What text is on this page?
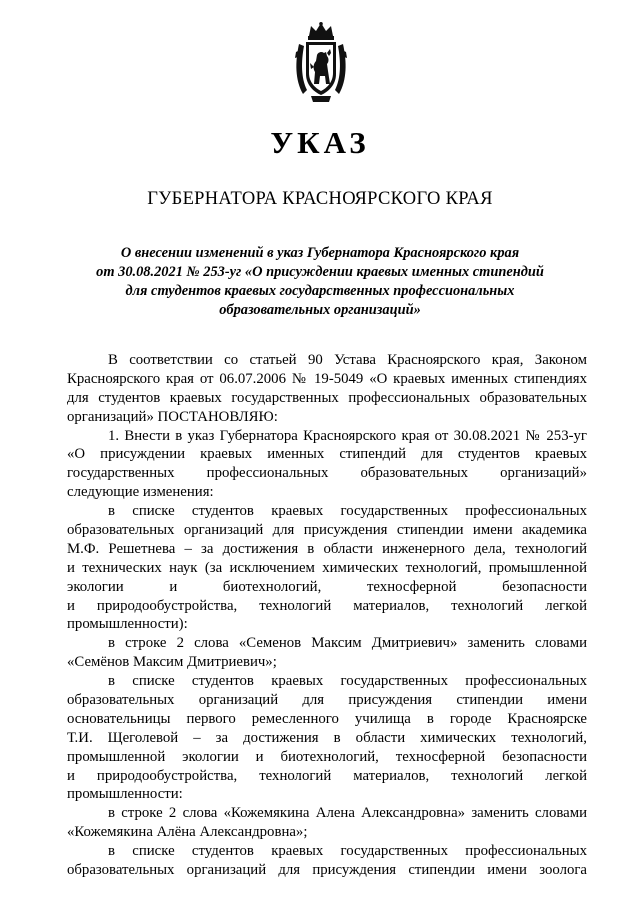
УКАЗ
ГУБЕРНАТОРА КРАСНОЯРСКОГО КРАЯ
О внесении изменений в указ Губернатора Красноярского края
от 30.08.2021 № 253-уг «О присуждении краевых именных стипендий
для студентов краевых государственных профессиональных
образовательных организаций»
В соответствии со статьей 90 Устава Красноярского края, Законом
Красноярского края от 06.07.2006 № 19-5049 «О краевых именных стипендиях
для студентов краевых государственных профессиональных образовательных
организаций» ПОСТАНОВЛЯЮ:
1. Внести в указ Губернатора Красноярского края от 30.08.2021 № 253-уг
«О присуждении краевых именных стипендий для студентов краевых
государственных профессиональных образовательных организаций»
следующие изменения:
в списке студентов краевых государственных профессиональных
образовательных организаций для присуждения стипендии имени академика
М.Ф. Решетнева – за достижения в области инженерного дела, технологий
и технических наук (за исключением химических технологий, промышленной
экологии и биотехнологий, техносферной безопасности
и природообустройства, технологий материалов, технологий легкой
промышленности):
в строке 2 слова «Семенов Максим Дмитриевич» заменить словами
«Семёнов Максим Дмитриевич»;
в списке студентов краевых государственных профессиональных
образовательных организаций для присуждения стипендии имени
основательницы первого ремесленного училища в городе Красноярске
Т.И. Щеголевой – за достижения в области химических технологий,
промышленной экологии и биотехнологий, техносферной безопасности
и природообустройства, технологий материалов, технологий легкой
промышленности:
в строке 2 слова «Кожемякина Алена Александровна» заменить словами
«Кожемякина Алёна Александровна»;
в списке студентов краевых государственных профессиональных
образовательных организаций для присуждения стипендии имени зоолога
